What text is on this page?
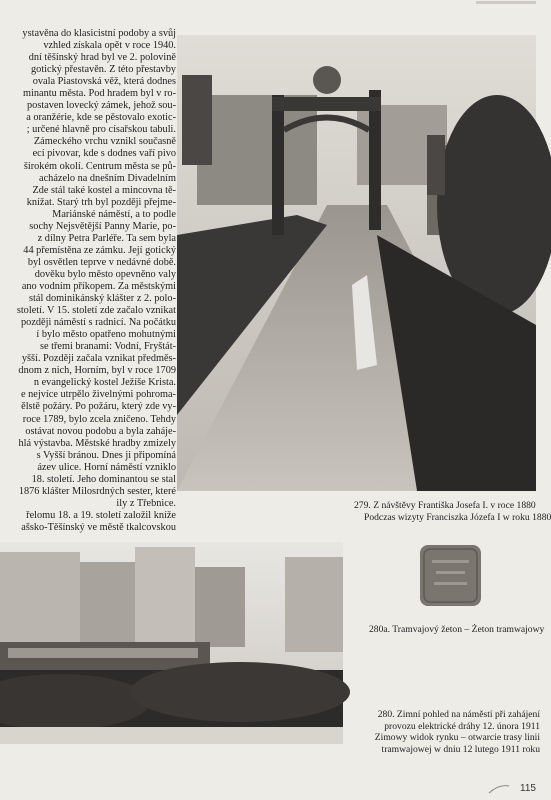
ystavěna do klasicistní podoby a svůj
vzhled získala opět v roce 1940.
dní těšínský hrad byl ve 2. polovině
gotický přestavěn. Z této přestavby
ovala Piastovská věž, která dodnes
minantu města. Pod hradem byl v ro-
postaven lovecký zámek, jehož sou-
a oranžérie, kde se pěstovalo exotic-
; určené hlavně pro císařskou tabuli.
Zámeckého vrchu vznikl současně
ecí pivovar, kde s dodnes vaří pivo
širokém okolí. Centrum města se pů-
acházelo na dnešním Divadelním
Zde stál také kostel a mincovna tě-
knížat. Starý trh byl později přejme-
Mariánské náměstí, a to podle
sochy Nejsvětější Panny Marie, po-
z dílny Petra Parléře. Ta sem byla
44 přemístěna ze zámku. Její gotický
byl osvětlen teprve v nedávné době.
dověku bylo město opevněno valy
ano vodním příkopem. Za městskými
stál dominikánský klášter z 2. polo-
století. V 15. století zde začalo vznikat
později náměstí s radnicí. Na počátku
í bylo město opatřeno mohutnými
se třemi branami: Vodní, Fryštát-
yšší. Později začala vznikat předměs-
dnom z nich, Horním, byl v roce 1709
n evangelický kostel Ježíše Krista.
e nejvíce utrpělo živelnými pohroma-
ělstě požáry. Po požáru, který zde vy-
roce 1789, bylo zcela zničeno. Tehdy
ostávat novou podobu a byla zaháje-
hlá výstavba. Městské hradby zmizely
s Vyšší bránou. Dnes ji připomíná
ázev ulice. Horní náměstí vzniklo
18. století. Jeho dominantou se stal
1876 klášter Milosrdných sester, které
ily z Třebnice.
řelomu 18. a 19. století založil kníže
ašsko-Těšínský ve městě tkalcovskou
279. Z návštěvy Františka Josefa I. v roce 1880
Podczas wizyty Franciszka Józefa I w roku 1880
280a. Tramvajový žeton – Żeton tramwajowy
280. Zimní pohled na náměstí při zahájení
provozu elektrické dráhy 12. února 1911
Zimowy widok rynku – otwarcie trasy linii
tramwajowej w dniu 12 lutego 1911 roku
115
